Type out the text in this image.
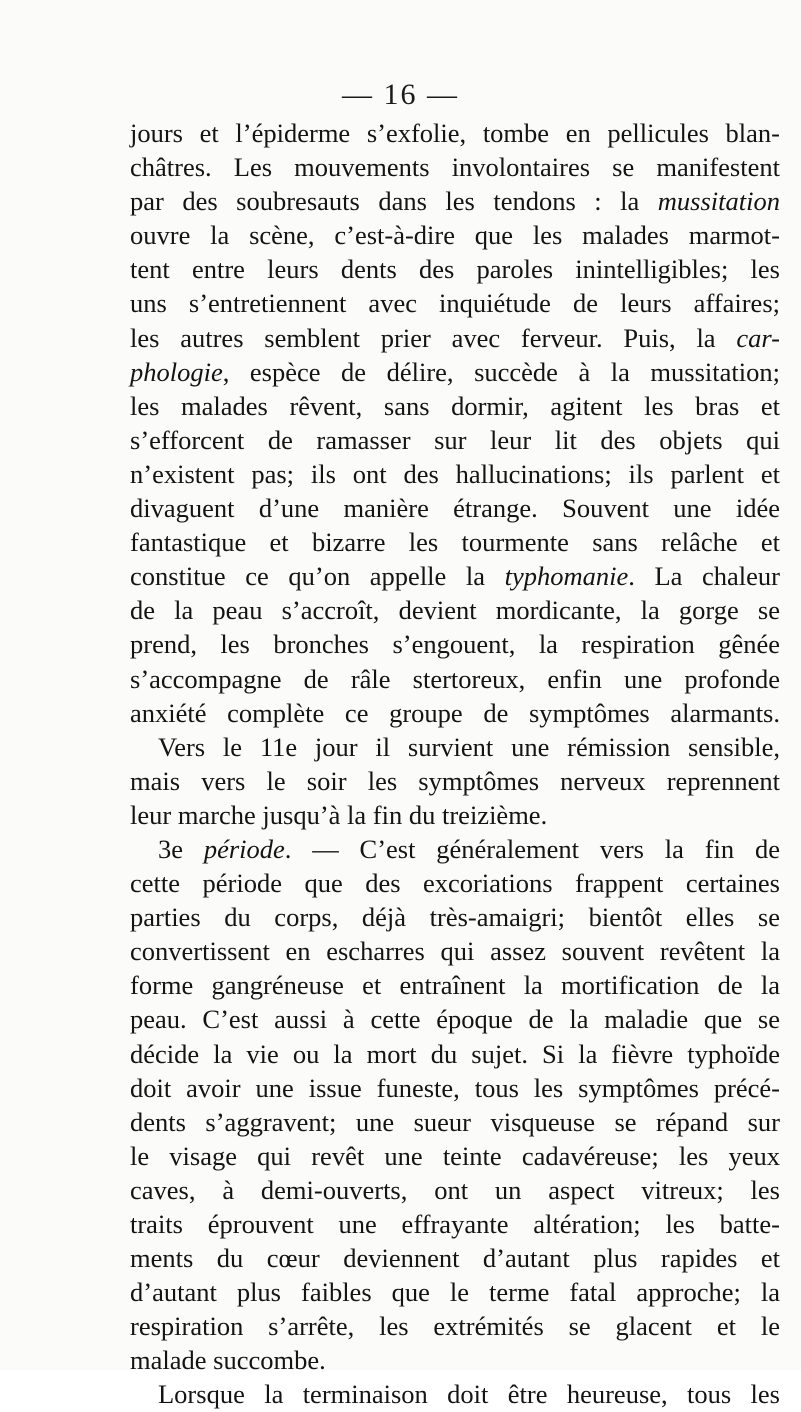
— 16 —
jours et l’épiderme s’exfolie, tombe en pellicules blan-
châtres. Les mouvements involontaires se manifestent
par des soubresauts dans les tendons : la mussitation
ouvre la scène, c’est-à-dire que les malades marmot-
tent entre leurs dents des paroles inintelligibles; les
uns s’entretiennent avec inquiétude de leurs affaires;
les autres semblent prier avec ferveur. Puis, la car-
phologie, espèce de délire, succède à la mussitation;
les malades rêvent, sans dormir, agitent les bras et
s’efforcent de ramasser sur leur lit des objets qui
n’existent pas; ils ont des hallucinations; ils parlent et
divaguent d’une manière étrange. Souvent une idée
fantastique et bizarre les tourmente sans relâche et
constitue ce qu’on appelle la typhomanie. La chaleur
de la peau s’accroît, devient mordicante, la gorge se
prend, les bronches s’engouent, la respiration gênée
s’accompagne de râle stertoreux, enfin une profonde
anxiété complète ce groupe de symptômes alarmants.
Vers le 11e jour il survient une rémission sensible,
mais vers le soir les symptômes nerveux reprennent
leur marche jusqu’à la fin du treizième.
3e période. — C’est généralement vers la fin de
cette période que des excoriations frappent certaines
parties du corps, déjà très-amaigri; bientôt elles se
convertissent en escharres qui assez souvent revêtent la
forme gangréneuse et entraînent la mortification de la
peau. C’est aussi à cette époque de la maladie que se
décide la vie ou la mort du sujet. Si la fièvre typhoïde
doit avoir une issue funeste, tous les symptômes précé-
dents s’aggravent; une sueur visqueuse se répand sur
le visage qui revêt une teinte cadavéreuse; les yeux
caves, à demi-ouverts, ont un aspect vitreux; les
traits éprouvent une effrayante altération; les batte-
ments du cœur deviennent d’autant plus rapides et
d’autant plus faibles que le terme fatal approche; la
respiration s’arrête, les extrémités se glacent et le
malade succombe.
Lorsque la terminaison doit être heureuse, tous les
